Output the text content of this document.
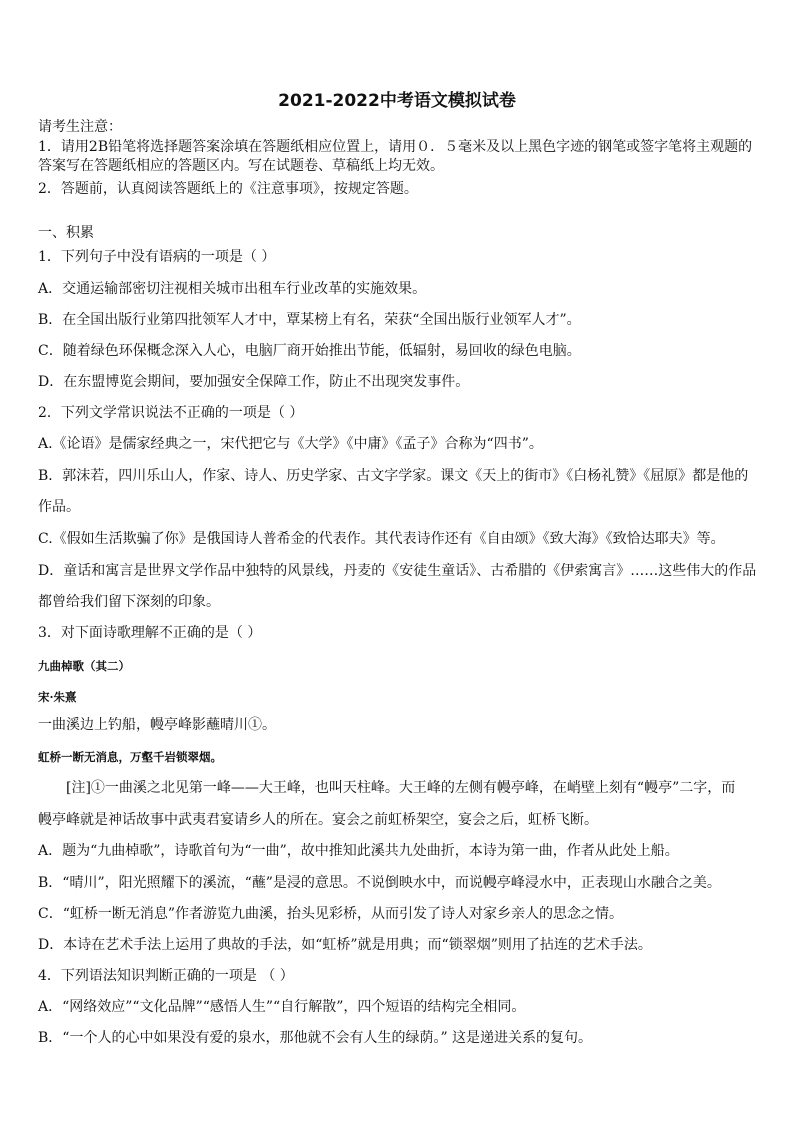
2021-2022中考语文模拟试卷
请考生注意：
1．请用2B铅笔将选择题答案涂填在答题纸相应位置上，请用０．５毫米及以上黑色字迹的钢笔或签字笔将主观题的答案写在答题纸相应的答题区内。写在试题卷、草稿纸上均无效。
2．答题前，认真阅读答题纸上的《注意事项》，按规定答题。
一、积累
1．下列句子中没有语病的一项是（ ）
A．交通运输部密切注视相关城市出租车行业改革的实施效果。
B．在全国出版行业第四批领军人才中，覃某榜上有名，荣获“全国出版行业领军人才”。
C．随着绿色环保概念深入人心，电脑厂商开始推出节能，低辐射，易回收的绿色电脑。
D．在东盟博览会期间，要加强安全保障工作，防止不出现突发事件。
2．下列文学常识说法不正确的一项是（ ）
A.《论语》是儒家经典之一，宋代把它与《大学》《中庸》《孟子》合称为“四书”。
B．郭沫若，四川乐山人，作家、诗人、历史学家、古文字学家。课文《天上的街市》《白杨礼赞》《屈原》都是他的
作品。
C.《假如生活欺骗了你》是俄国诗人普希金的代表作。其代表诗作还有《自由颂》《致大海》《致恰达耶夫》等。
D．童话和寓言是世界文学作品中独特的风景线，丹麦的《安徒生童话》、古希腊的《伊索寓言》……这些伟大的作品
都曾给我们留下深刻的印象。
3．对下面诗歌理解不正确的是（ ）
九曲棹歌（其二）
宋·朱熹
一曲溪边上钓船，幔亭峰影蘸晴川①。
虹桥一断无消息，万壑千岩锁翠烟。
[注]①一曲溪之北见第一峰——大王峰，也叫天柱峰。大王峰的左侧有幔亭峰，在峭壁上刻有“幔亭”二字，而
幔亭峰就是神话故事中武夷君宴请乡人的所在。宴会之前虹桥架空，宴会之后，虹桥飞断。
A．题为“九曲棹歌”，诗歌首句为“一曲”，故中推知此溪共九处曲折，本诗为第一曲，作者从此处上船。
B．“晴川”，阳光照耀下的溪流，“蘸”是浸的意思。不说倒映水中，而说幔亭峰浸水中，正表现山水融合之美。
C．“虹桥一断无消息”作者游览九曲溪，抬头见彩桥，从而引发了诗人对家乡亲人的思念之情。
D．本诗在艺术手法上运用了典故的手法，如“虹桥”就是用典；而“锁翠烟”则用了拈连的艺术手法。
4．下列语法知识判断正确的一项是 （ ）
A．“网络效应”“文化品牌”“感悟人生”“自行解散”，四个短语的结构完全相同。
B．“一个人的心中如果没有爱的泉水，那他就不会有人生的绿荫。” 这是递进关系的复句。
